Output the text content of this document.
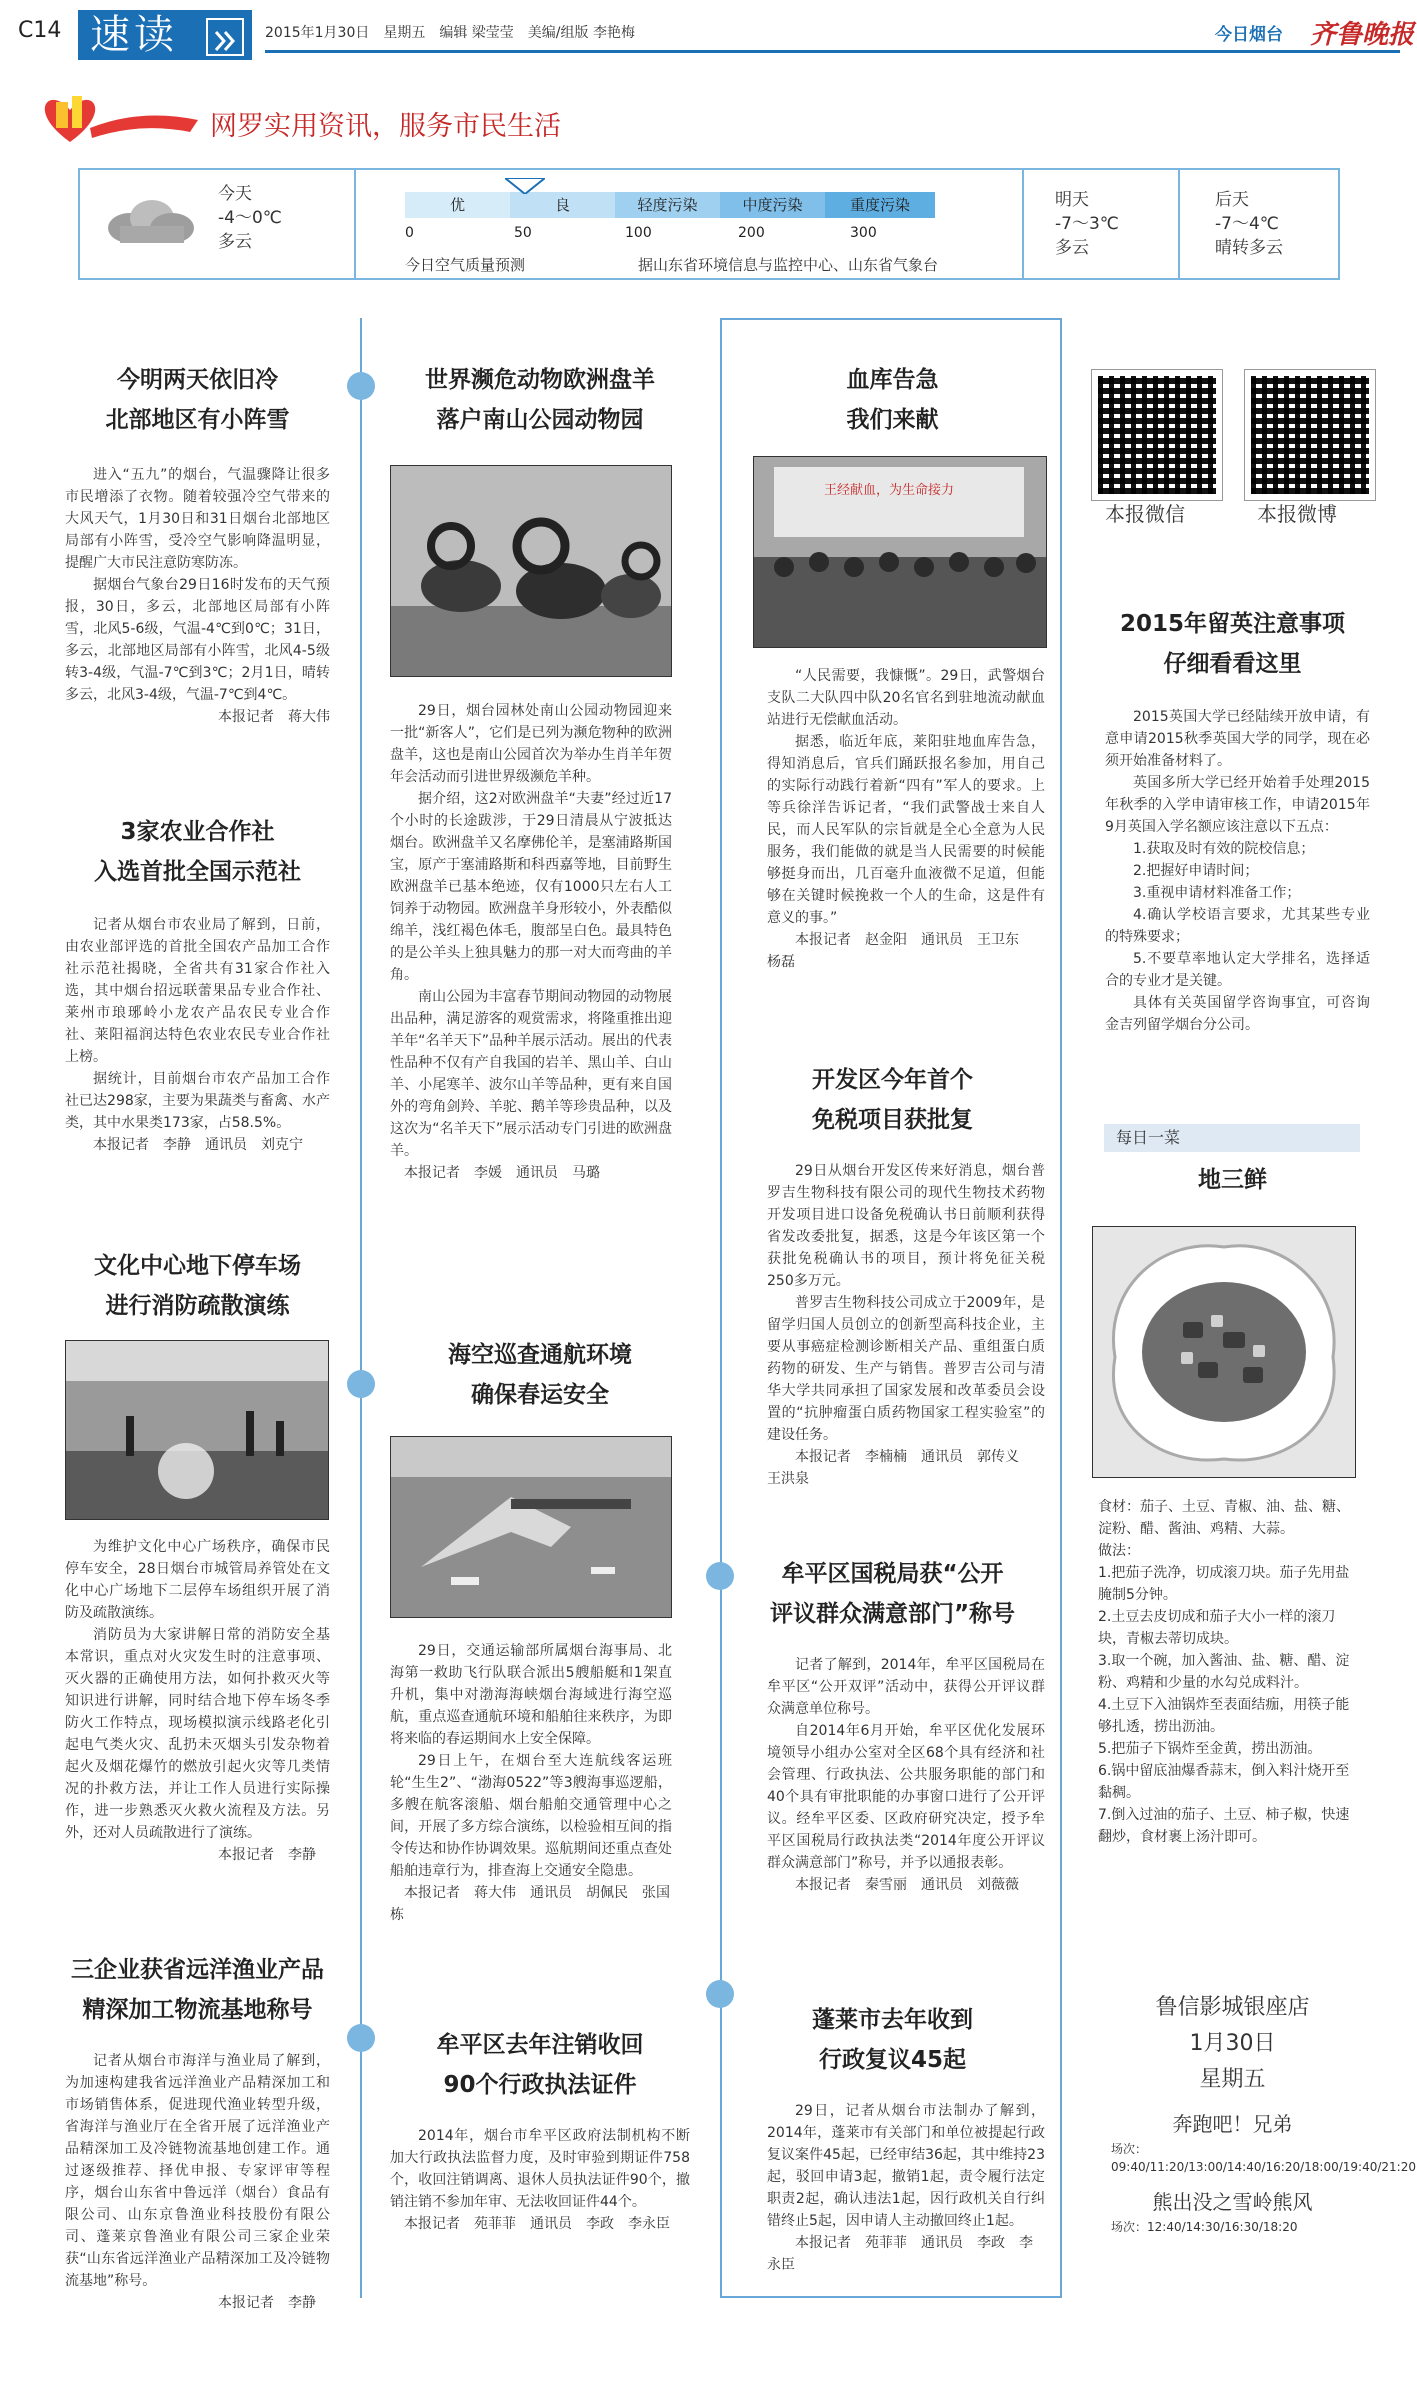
C14 速读	2015年1月30日　星期五　编辑 梁莹莹　美编/组版 李艳梅	今日烟台 齐鲁晚报
网罗实用资讯，服务市民生活
今天
-4～0℃
多云
优	良	轻度污染	中度污染	重度污染
0	50	100	200	300
今日空气质量预测	据山东省环境信息与监控中心、山东省气象台
明天
-7～3℃
多云
后天
-7～4℃
晴转多云
今明两天依旧冷
北部地区有小阵雪
进入“五九”的烟台，气温骤降让很多市民增添了衣物。随着较强冷空气带来的大风天气，1月30日和31日烟台北部地区局部有小阵雪，受冷空气影响降温明显，提醒广大市民注意防寒防冻。
据烟台气象台29日16时发布的天气预报，30日，多云，北部地区局部有小阵雪，北风5-6级，气温-4℃到0℃；31日，多云，北部地区局部有小阵雪，北风4-5级转3-4级，气温-7℃到3℃；2月1日，晴转多云，北风3-4级，气温-7℃到4℃。
本报记者　蒋大伟
3家农业合作社
入选首批全国示范社
记者从烟台市农业局了解到，日前，由农业部评选的首批全国农产品加工合作社示范社揭晓，全省共有31家合作社入选，其中烟台招远联蕾果品专业合作社、莱州市琅琊岭小龙农产品农民专业合作社、莱阳福润达特色农业农民专业合作社上榜。
据统计，目前烟台市农产品加工合作社已达298家，主要为果蔬类与畜禽、水产类，其中水果类173家，占58.5%。
本报记者　李静　通讯员　刘克宁
文化中心地下停车场
进行消防疏散演练
为维护文化中心广场秩序，确保市民停车安全，28日烟台市城管局养管处在文化中心广场地下二层停车场组织开展了消防及疏散演练。
消防员为大家讲解日常的消防安全基本常识，重点对火灾发生时的注意事项、灭火器的正确使用方法，如何扑救灭火等知识进行讲解，同时结合地下停车场冬季防火工作特点，现场模拟演示线路老化引起电气类火灾、乱扔未灭烟头引发杂物着起火及烟花爆竹的燃放引起火灾等几类情况的扑救方法，并让工作人员进行实际操作，进一步熟悉灭火救火流程及方法。另外，还对人员疏散进行了演练。
本报记者　李静
三企业获省远洋渔业产品
精深加工物流基地称号
记者从烟台市海洋与渔业局了解到，为加速构建我省远洋渔业产品精深加工和市场销售体系，促进现代渔业转型升级，省海洋与渔业厅在全省开展了远洋渔业产品精深加工及冷链物流基地创建工作。通过逐级推荐、择优申报、专家评审等程序，烟台山东省中鲁远洋（烟台）食品有限公司、山东京鲁渔业科技股份有限公司、蓬莱京鲁渔业有限公司三家企业荣获“山东省远洋渔业产品精深加工及冷链物流基地”称号。
本报记者　李静
世界濒危动物欧洲盘羊
落户南山公园动物园
29日，烟台园林处南山公园动物园迎来一批“新客人”，它们是已列为濒危物种的欧洲盘羊，这也是南山公园首次为举办生肖羊年贺年会活动而引进世界级濒危羊种。
据介绍，这2对欧洲盘羊“夫妻”经过近17个小时的长途跋涉，于29日清晨从宁波抵达烟台。欧洲盘羊又名摩佛伦羊，是塞浦路斯国宝，原产于塞浦路斯和科西嘉等地，目前野生欧洲盘羊已基本绝迹，仅有1000只左右人工饲养于动物园。欧洲盘羊身形较小，外表酷似绵羊，浅红褐色体毛，腹部呈白色。最具特色的是公羊头上独具魅力的那一对大而弯曲的羊角。
南山公园为丰富春节期间动物园的动物展出品种，满足游客的观赏需求，将隆重推出迎羊年“名羊天下”品种羊展示活动。展出的代表性品种不仅有产自我国的岩羊、黑山羊、白山羊、小尾寒羊、波尔山羊等品种，更有来自国外的弯角剑羚、羊驼、鹅羊等珍贵品种，以及这次为“名羊天下”展示活动专门引进的欧洲盘羊。
本报记者　李媛　通讯员　马璐
海空巡查通航环境
确保春运安全
29日，交通运输部所属烟台海事局、北海第一救助飞行队联合派出5艘船艇和1架直升机，集中对渤海海峡烟台海域进行海空巡航，重点巡查通航环境和船舶往来秩序，为即将来临的春运期间水上安全保障。
29日上午，在烟台至大连航线客运班轮“生生2”、“渤海0522”等3艘海事巡逻船，多艘在航客滚船、烟台船舶交通管理中心之间，开展了多方综合演练，以检验相互间的指令传达和协作协调效果。巡航期间还重点查处船舶违章行为，排查海上交通安全隐患。
本报记者　蒋大伟　通讯员　胡佩民　张国栋
牟平区去年注销收回
90个行政执法证件
2014年，烟台市牟平区政府法制机构不断加大行政执法监督力度，及时审验到期证件758个，收回注销调离、退休人员执法证件90个，撤销注销不参加年审、无法收回证件44个。
本报记者　苑菲菲　通讯员　李政　李永臣
血库告急
我们来献
王经献血，为生命接力
“人民需要，我慷慨”。29日，武警烟台支队二大队四中队20名官名到驻地流动献血站进行无偿献血活动。
据悉，临近年底，莱阳驻地血库告急，得知消息后，官兵们踊跃报名参加，用自己的实际行动践行着新“四有”军人的要求。上等兵徐洋告诉记者，“我们武警战士来自人民，而人民军队的宗旨就是全心全意为人民服务，我们能做的就是当人民需要的时候能够挺身而出，几百毫升血液微不足道，但能够在关键时候挽救一个人的生命，这是件有意义的事。”
本报记者　赵金阳　通讯员　王卫东　杨磊
开发区今年首个
免税项目获批复
29日从烟台开发区传来好消息，烟台普罗吉生物科技有限公司的现代生物技术药物开发项目进口设备免税确认书日前顺利获得省发改委批复，据悉，这是今年该区第一个获批免税确认书的项目，预计将免征关税250多万元。
普罗吉生物科技公司成立于2009年，是留学归国人员创立的创新型高科技企业，主要从事癌症检测诊断相关产品、重组蛋白质药物的研发、生产与销售。普罗吉公司与清华大学共同承担了国家发展和改革委员会设置的“抗肿瘤蛋白质药物国家工程实验室”的建设任务。
本报记者　李楠楠　通讯员　郭传义　王洪泉
牟平区国税局获“公开
评议群众满意部门”称号
记者了解到，2014年，牟平区国税局在牟平区“公开双评”活动中，获得公开评议群众满意单位称号。
自2014年6月开始，牟平区优化发展环境领导小组办公室对全区68个具有经济和社会管理、行政执法、公共服务职能的部门和40个具有审批职能的办事窗口进行了公开评议。经牟平区委、区政府研究决定，授予牟平区国税局行政执法类“2014年度公开评议群众满意部门”称号，并予以通报表彰。
本报记者　秦雪丽　通讯员　刘薇薇
蓬莱市去年收到
行政复议45起
29日，记者从烟台市法制办了解到，2014年，蓬莱市有关部门和单位被提起行政复议案件45起，已经审结36起，其中维持23起，驳回申请3起，撤销1起，责令履行法定职责2起，确认违法1起，因行政机关自行纠错终止5起，因申请人主动撤回终止1起。
本报记者　苑菲菲　通讯员　李政　李永臣
本报微信	本报微博
2015年留英注意事项
仔细看看这里
2015英国大学已经陆续开放申请，有意申请2015秋季英国大学的同学，现在必须开始准备材料了。
英国多所大学已经开始着手处理2015年秋季的入学申请审核工作，申请2015年9月英国入学名额应该注意以下五点：
1.获取及时有效的院校信息；
2.把握好申请时间；
3.重视申请材料准备工作；
4.确认学校语言要求，尤其某些专业的特殊要求；
5.不要草率地认定大学排名，选择适合的专业才是关键。
具体有关英国留学咨询事宜，可咨询金吉列留学烟台分公司。
每日一菜
地三鲜
食材：茄子、土豆、青椒、油、盐、糖、淀粉、醋、酱油、鸡精、大蒜。
做法：
1.把茄子洗净，切成滚刀块。茄子先用盐腌制5分钟。
2.土豆去皮切成和茄子大小一样的滚刀块，青椒去蒂切成块。
3.取一个碗，加入酱油、盐、糖、醋、淀粉、鸡精和少量的水勾兑成料汁。
4.土豆下入油锅炸至表面结痂，用筷子能够扎透，捞出沥油。
5.把茄子下锅炸至金黄，捞出沥油。
6.锅中留底油爆香蒜末，倒入料汁烧开至黏稠。
7.倒入过油的茄子、土豆、柿子椒，快速翻炒，食材裹上汤汁即可。
鲁信影城银座店
1月30日
星期五
奔跑吧！兄弟
场次：09:40/11:20/13:00/14:40/16:20/18:00/19:40/21:20
熊出没之雪岭熊风
场次：12:40/14:30/16:30/18:20
